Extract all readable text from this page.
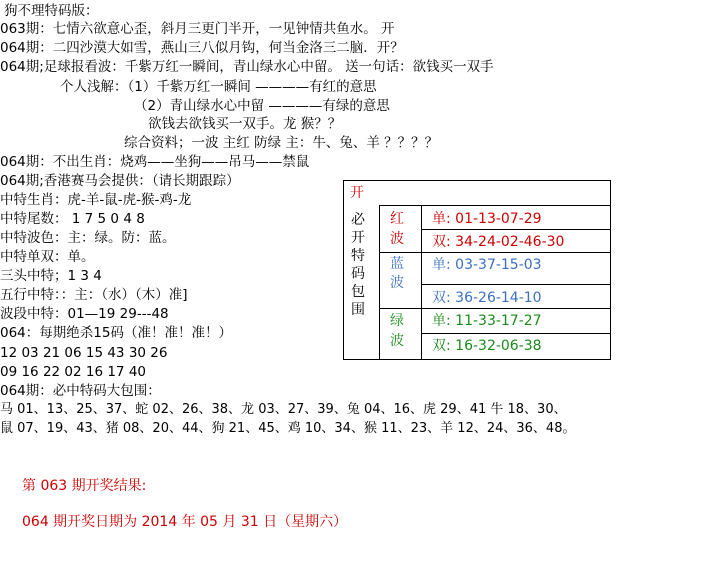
狗不理特码版：
063期：七情六欲意心歪，斜月三更门半开，一见钟情共鱼水。 开
064期：二四沙漠大如雪，燕山三八似月钩，何当金洛三二脑．开？
064期;足球报看波：千紫万红一瞬间，青山绿水心中留。 送一句话：欲钱买一双手
个人浅解：（1）千紫万红一瞬间 ————有红的意思
（2）青山绿水心中留 ————有绿的意思
欲钱去欲钱买一双手。龙 猴？？
综合资料；一波 主红 防绿 主：牛、兔、羊 ？？？？
064期：不出生肖：烧鸡——坐狗——吊马——禁鼠
064期;香港赛马会提供：（请长期跟踪）
中特生肖：虎-羊-鼠-虎-猴-鸡-龙
中特尾数： 1 7 5 0 4 8
中特波色：主：绿。防：蓝。
中特单双：单。
三头中特；1 3 4
五行中特：：主：（水）（木）准]
波段中特：01—19 29---48
064：每期绝杀15码（准！准！准！）
12 03 21 06 15 43 30 26
09 16 22 02 16 17 40
064期：必中特码大包围：
马 01、13、25、37、蛇 02、26、38、龙 03、27、39、兔 04、16、虎 29、41 牛 18、30、
鼠 07、19、43、猪 08、20、44、狗 21、45、鸡 10、34、猴 11、23、羊 12、24、36、48。
第 063 期开奖结果:
064 期开奖日期为 2014 年 05 月 31 日（星期六）
开
必
开
特
码
包
围
红
波
蓝
波
绿
波
单: 01-13-07-29
双: 34-24-02-46-30
单: 03-37-15-03
双: 36-26-14-10
单: 11-33-17-27
双: 16-32-06-38
